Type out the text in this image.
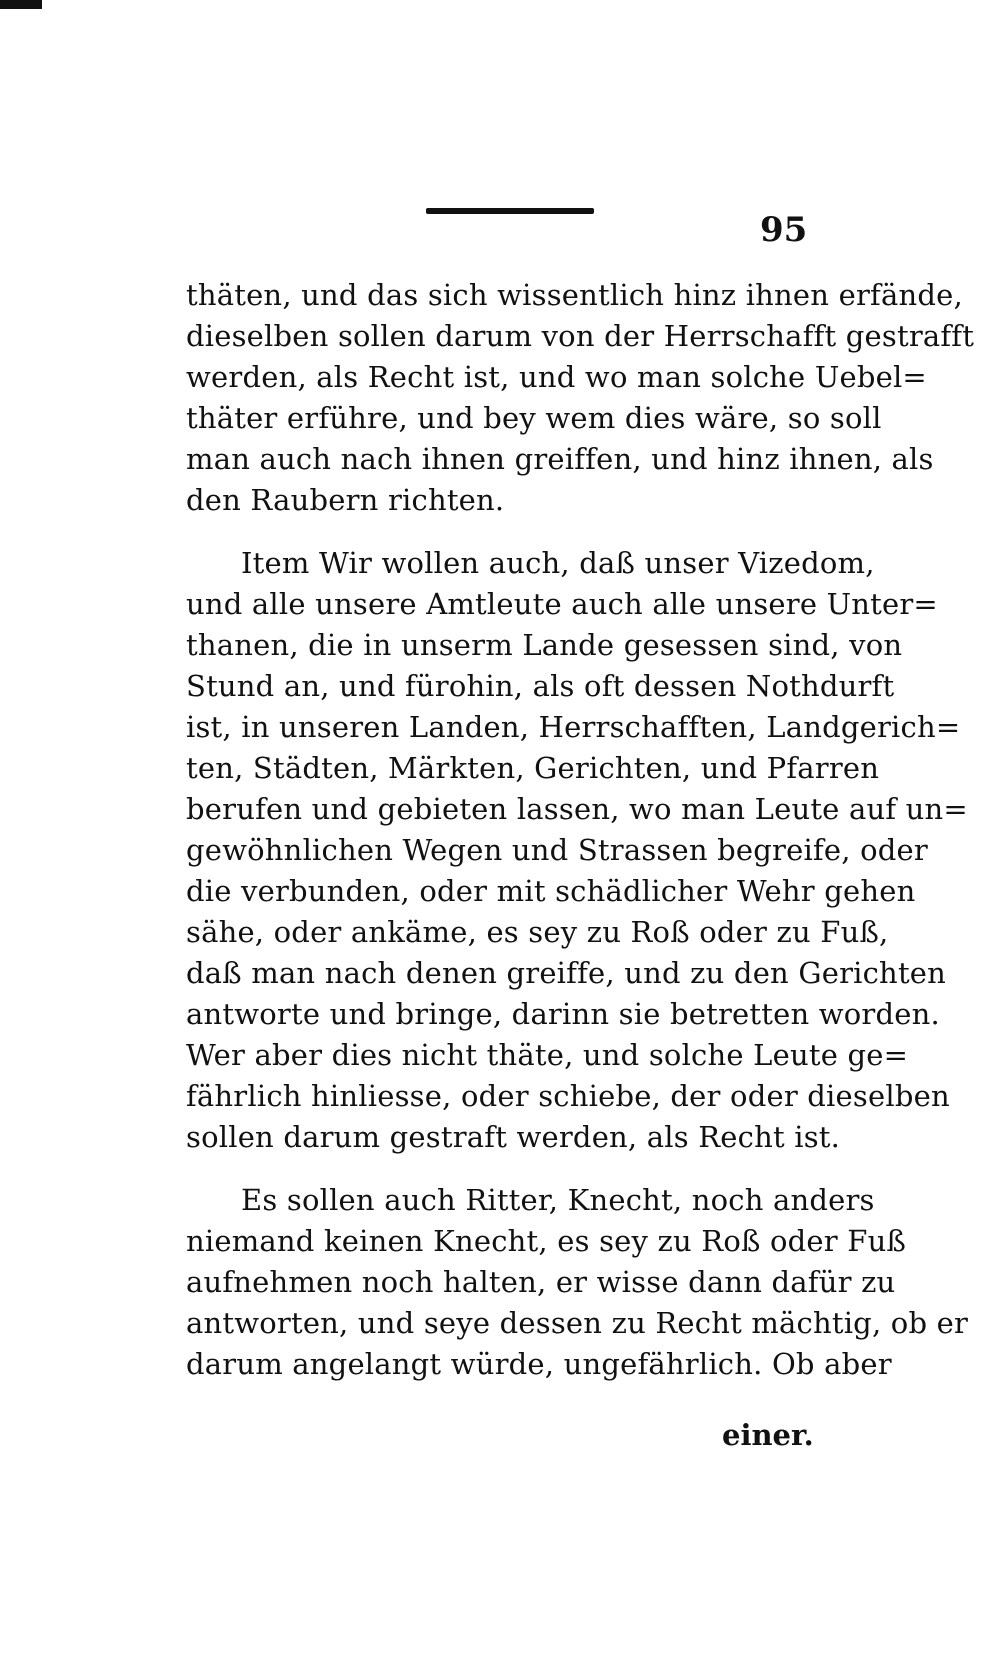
95
thäten, und das sich wissentlich hinz ihnen erfände,
dieselben sollen darum von der Herrschafft gestrafft
werden, als Recht ist, und wo man solche Uebel=
thäter erführe, und bey wem dies wäre, so soll
man auch nach ihnen greiffen, und hinz ihnen, als
den Raubern richten.
Item Wir wollen auch, daß unser Vizedom,
und alle unsere Amtleute auch alle unsere Unter=
thanen, die in unserm Lande gesessen sind, von
Stund an, und fürohin, als oft dessen Nothdurft
ist, in unseren Landen, Herrschafften, Landgerich=
ten, Städten, Märkten, Gerichten, und Pfarren
berufen und gebieten lassen, wo man Leute auf un=
gewöhnlichen Wegen und Strassen begreife, oder
die verbunden, oder mit schädlicher Wehr gehen
sähe, oder ankäme, es sey zu Roß oder zu Fuß,
daß man nach denen greiffe, und zu den Gerichten
antworte und bringe, darinn sie betretten worden.
Wer aber dies nicht thäte, und solche Leute ge=
fährlich hinliesse, oder schiebe, der oder dieselben
sollen darum gestraft werden, als Recht ist.
Es sollen auch Ritter, Knecht, noch anders
niemand keinen Knecht, es sey zu Roß oder Fuß
aufnehmen noch halten, er wisse dann dafür zu
antworten, und seye dessen zu Recht mächtig, ob er
darum angelangt würde, ungefährlich. Ob aber
einer.
